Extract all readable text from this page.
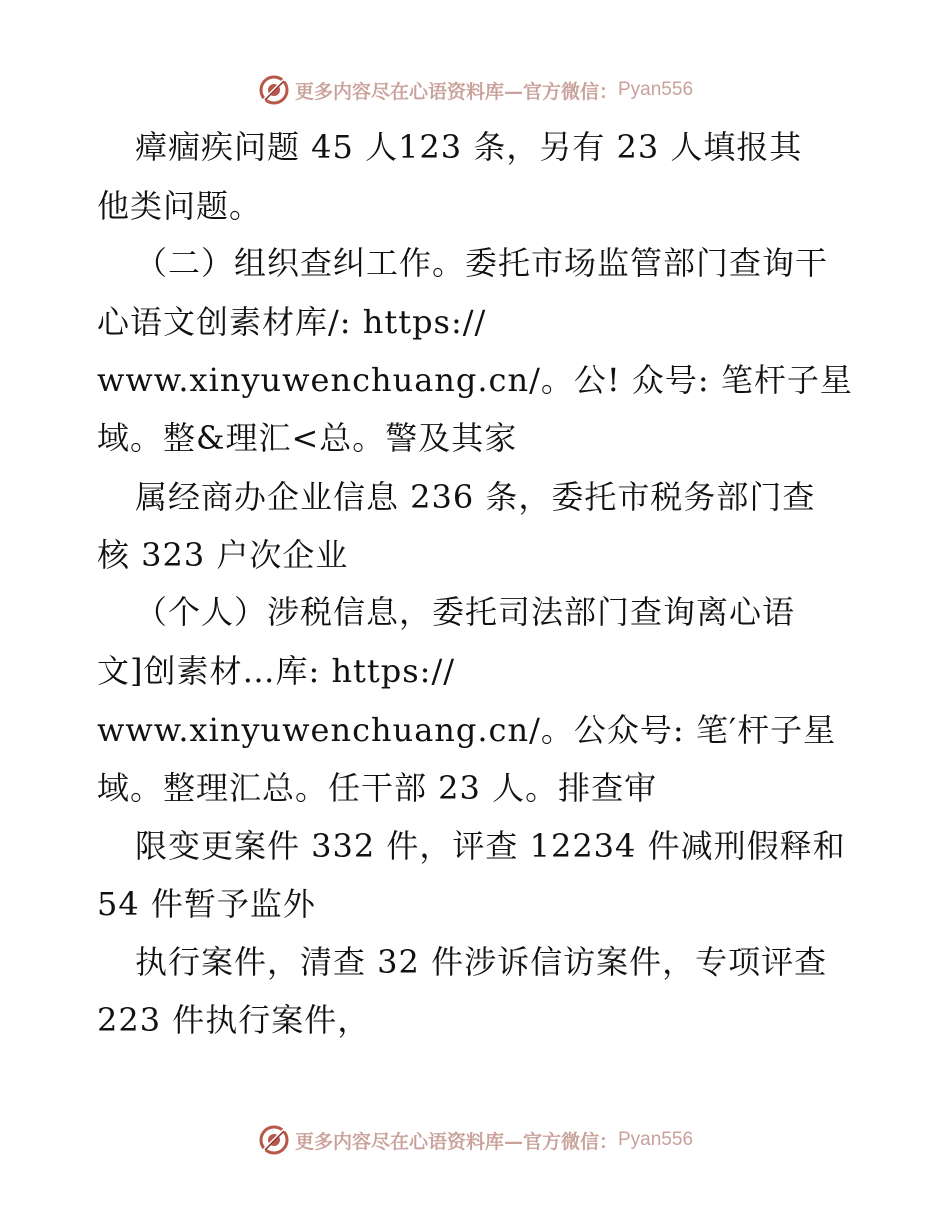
更多内容尽在心语资料库—官方微信： Pyan556
瘴痼疾问题 45 人123 条，另有 23 人填报其
他类问题。
（二）组织查纠工作。委托市场监管部门查询干
心语文创素材库/: https://
www.xinyuwenchuang.cn/。公! 众号: 笔杆子星
域。整&理汇<总。警及其家
属经商办企业信息 236 条，委托市税务部门查
核 323 户次企业
（个人）涉税信息，委托司法部门查询离心语
文]创素材…库: https://
www.xinyuwenchuang.cn/。公众号: 笔′杆子星
域。整理汇总。任干部 23 人。排查审
限变更案件 332 件，评查 12234 件减刑假释和
54 件暂予监外
执行案件，清查 32 件涉诉信访案件，专项评查
223 件执行案件，
更多内容尽在心语资料库—官方微信： Pyan556
